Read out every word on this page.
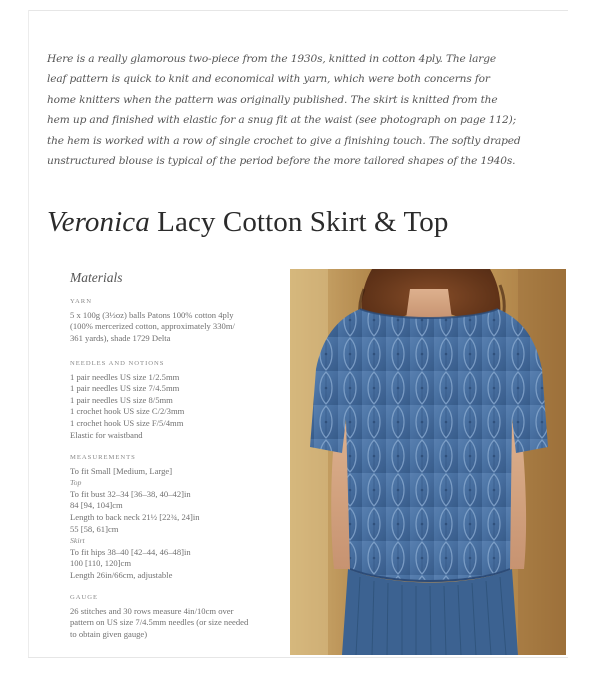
Here is a really glamorous two-piece from the 1930s, knitted in cotton 4ply. The large
leaf pattern is quick to knit and economical with yarn, which were both concerns for
home knitters when the pattern was originally published. The skirt is knitted from the
hem up and finished with elastic for a snug fit at the waist (see photograph on page 112);
the hem is worked with a row of single crochet to give a finishing touch. The softly draped
unstructured blouse is typical of the period before the more tailored shapes of the 1940s.
Veronica Lacy Cotton Skirt & Top
Materials
YARN
5 x 100g (3½oz) balls Patons 100% cotton 4ply
(100% mercerized cotton, approximately 330m/
361 yards), shade 1729 Delta
NEEDLES AND NOTIONS
1 pair needles US size 1/2.5mm
1 pair needles US size 7/4.5mm
1 pair needles US size 8/5mm
1 crochet hook US size C/2/3mm
1 crochet hook US size F/5/4mm
Elastic for waistband
MEASUREMENTS
To fit Small [Medium, Large]
Top
To fit bust 32–34 [36–38, 40–42]in
84 [94, 104]cm
Length to back neck 21½ [22¾, 24]in
55 [58, 61]cm
Skirt
To fit hips 38–40 [42–44, 46–48]in
100 [110, 120]cm
Length 26in/66cm, adjustable
GAUGE
26 stitches and 30 rows measure 4in/10cm over
pattern on US size 7/4.5mm needles (or size needed
to obtain given gauge)
